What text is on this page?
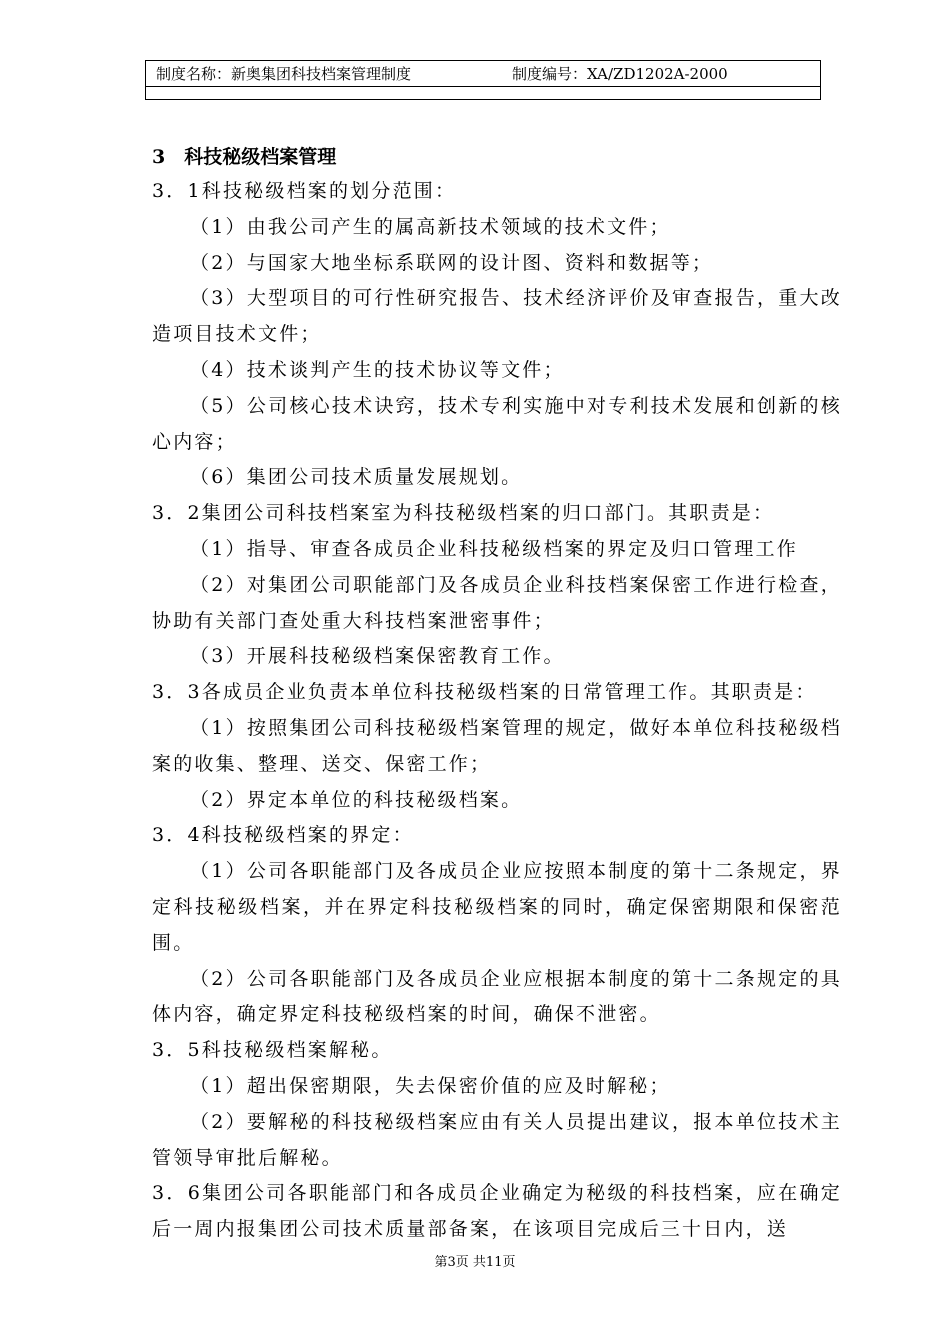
制度名称：新奥集团科技档案管理制度	制度编号：XA/ZD1202A-2000
3　科技秘级档案管理

3．1科技秘级档案的划分范围：

（1）由我公司产生的属高新技术领域的技术文件；

（2）与国家大地坐标系联网的设计图、资料和数据等；

（3）大型项目的可行性研究报告、技术经济评价及审查报告，重大改造项目技术文件；

（4）技术谈判产生的技术协议等文件；

（5）公司核心技术诀窍，技术专利实施中对专利技术发展和创新的核心内容；

（6）集团公司技术质量发展规划。

3．2集团公司科技档案室为科技秘级档案的归口部门。其职责是：

（1）指导、审查各成员企业科技秘级档案的界定及归口管理工作

（2）对集团公司职能部门及各成员企业科技档案保密工作进行检查，协助有关部门查处重大科技档案泄密事件；

（3）开展科技秘级档案保密教育工作。

3．3各成员企业负责本单位科技秘级档案的日常管理工作。其职责是：

（1）按照集团公司科技秘级档案管理的规定，做好本单位科技秘级档案的收集、整理、送交、保密工作；

（2）界定本单位的科技秘级档案。

3．4科技秘级档案的界定：

（1）公司各职能部门及各成员企业应按照本制度的第十二条规定，界定科技秘级档案，并在界定科技秘级档案的同时，确定保密期限和保密范围。

（2）公司各职能部门及各成员企业应根据本制度的第十二条规定的具体内容，确定界定科技秘级档案的时间，确保不泄密。

3．5科技秘级档案解秘。

（1）超出保密期限，失去保密价值的应及时解秘；

（2）要解秘的科技秘级档案应由有关人员提出建议，报本单位技术主管领导审批后解秘。

3．6集团公司各职能部门和各成员企业确定为秘级的科技档案，应在确定后一周内报集团公司技术质量部备案，在该项目完成后三十日内，送

第3页 共11页
